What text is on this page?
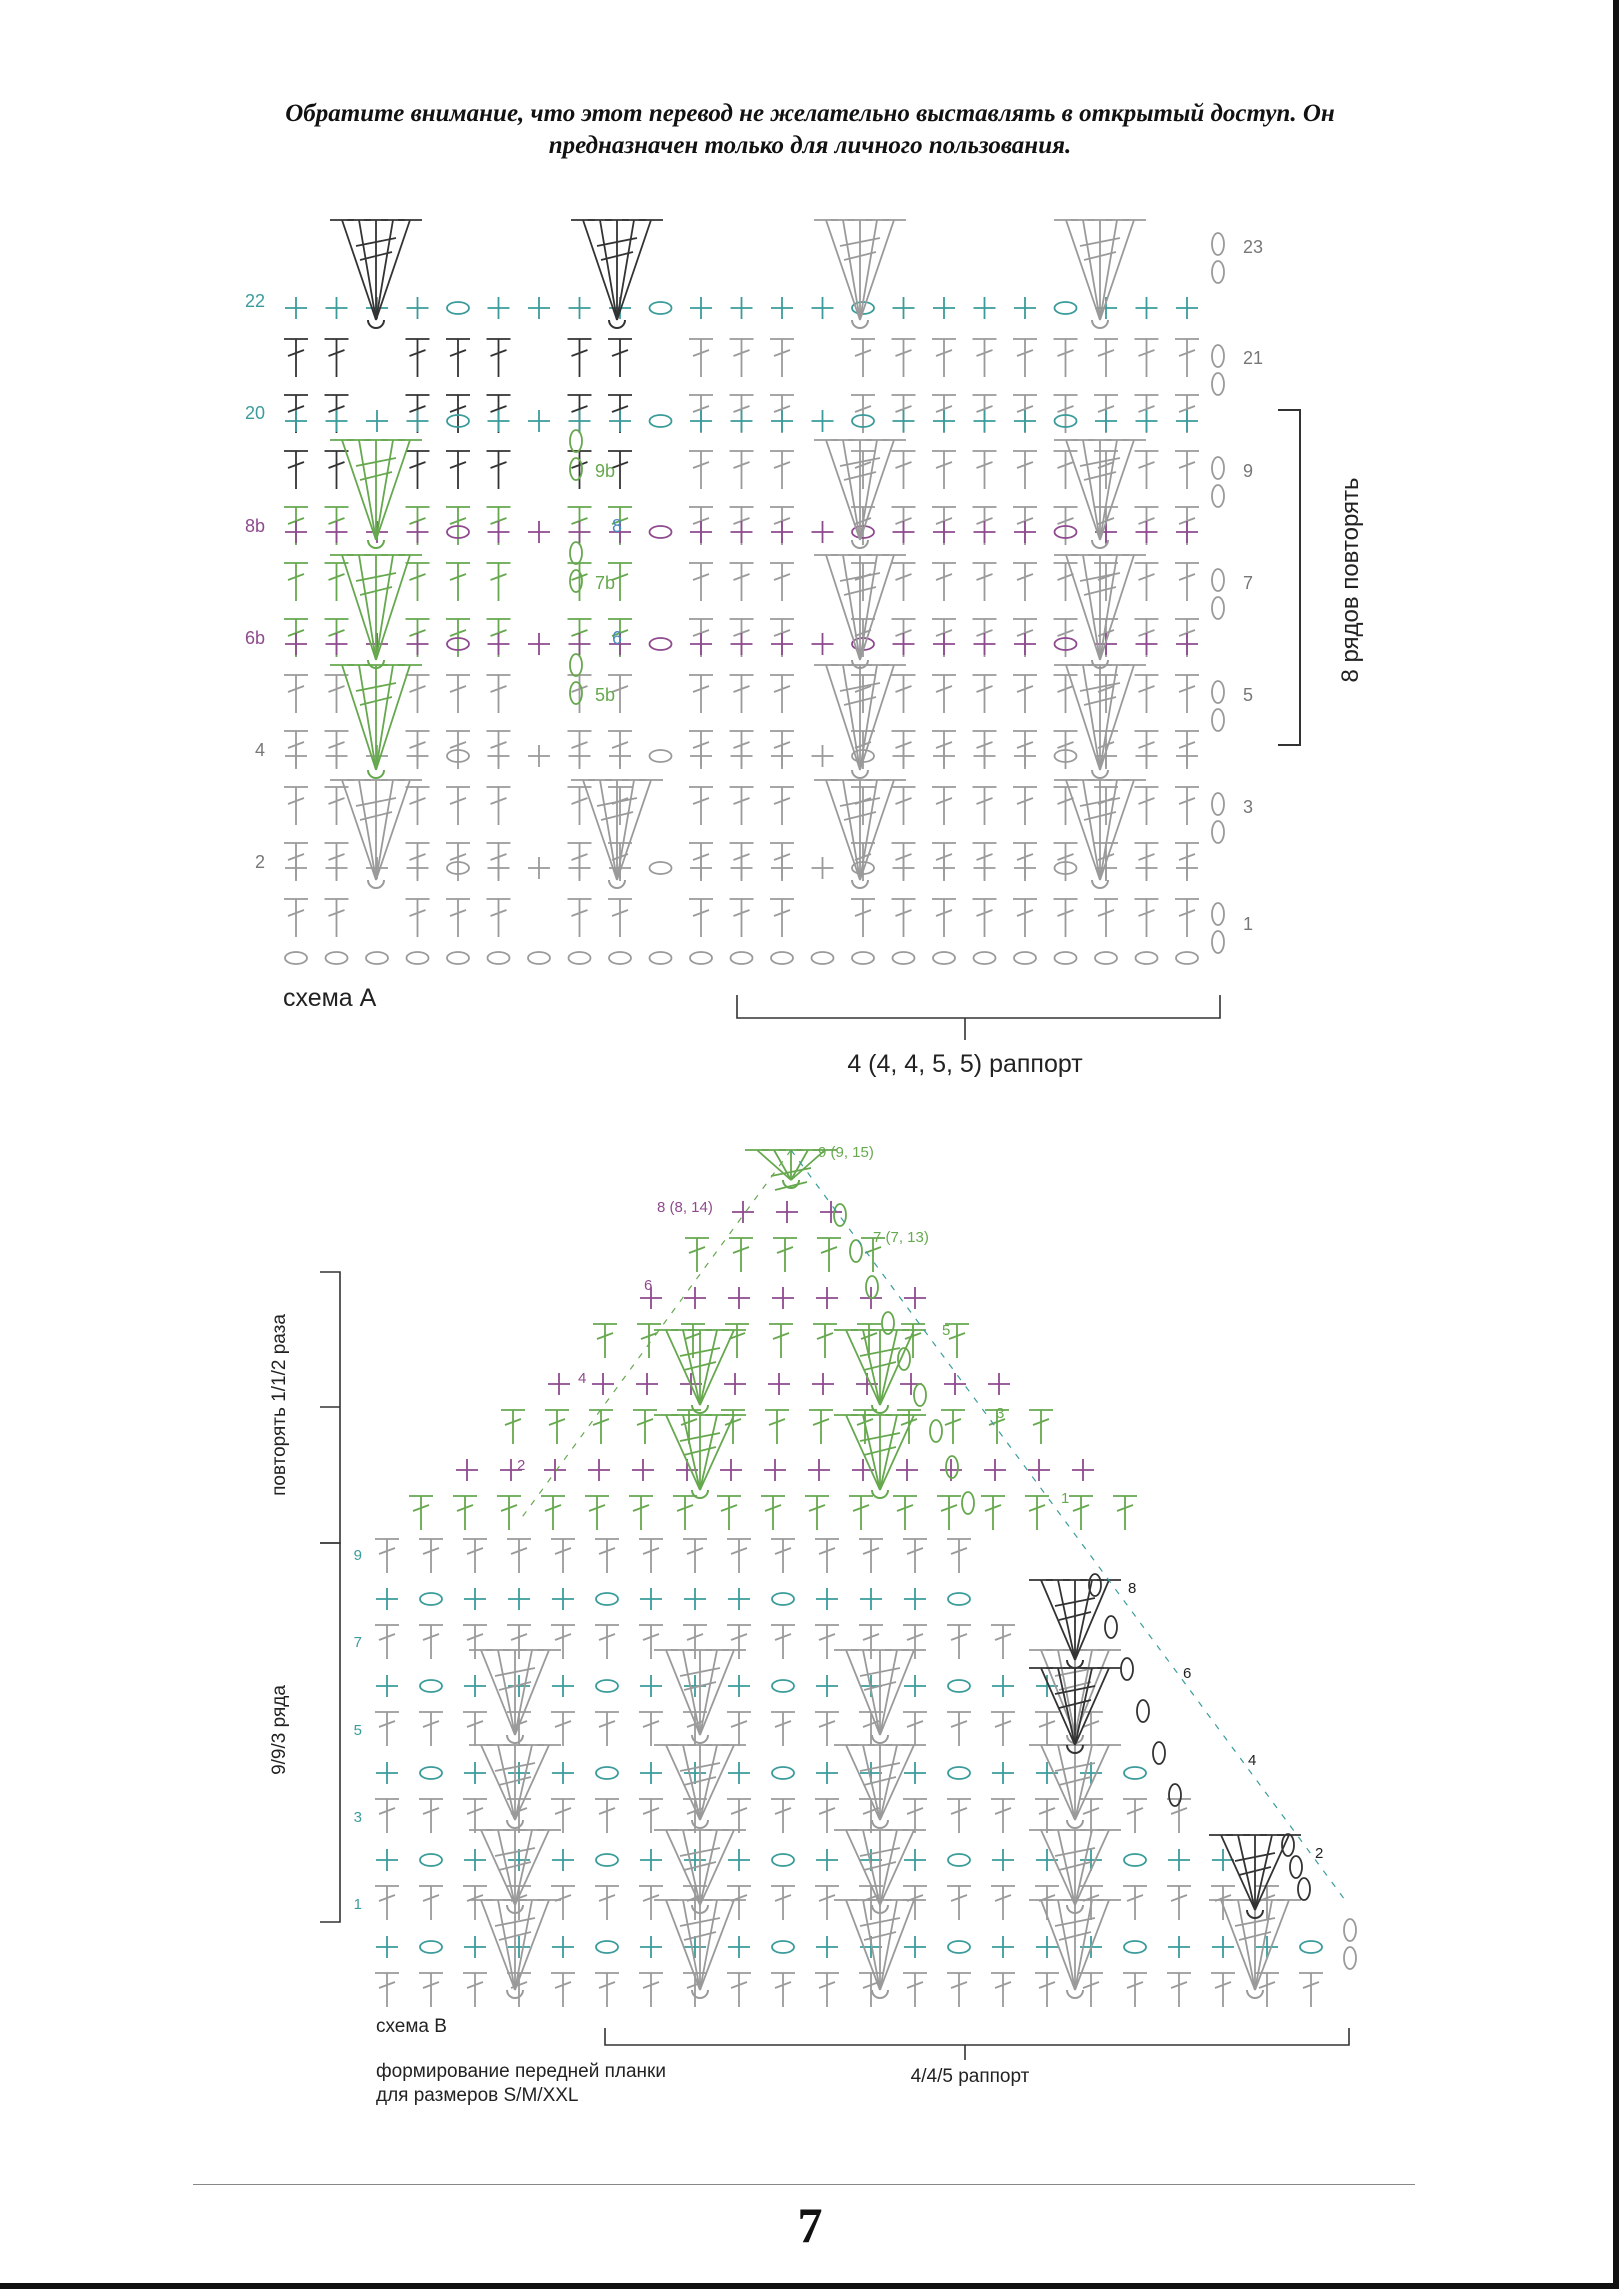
Обратите внимание, что этот перевод не желательно выставлять в открытый доступ. Он
предназначен только для личного пользования.
22
20
8b
6b
4
2
23
21
9
7
5
3
1
9b
7b
5b
8
6	8 рядов повторять
схема А
4 (4, 4, 5, 5) раппорт
9
7
5
3
1
9 (9, 15)
8 (8, 14)
7 (7, 13)
6
5
4
3
2
1
8
6
4
2
повторять 1/1/2 раза
9/9/3 ряда
схема В
формирование передней планки
для размеров S/M/XXL
4/4/5 раппорт
7
